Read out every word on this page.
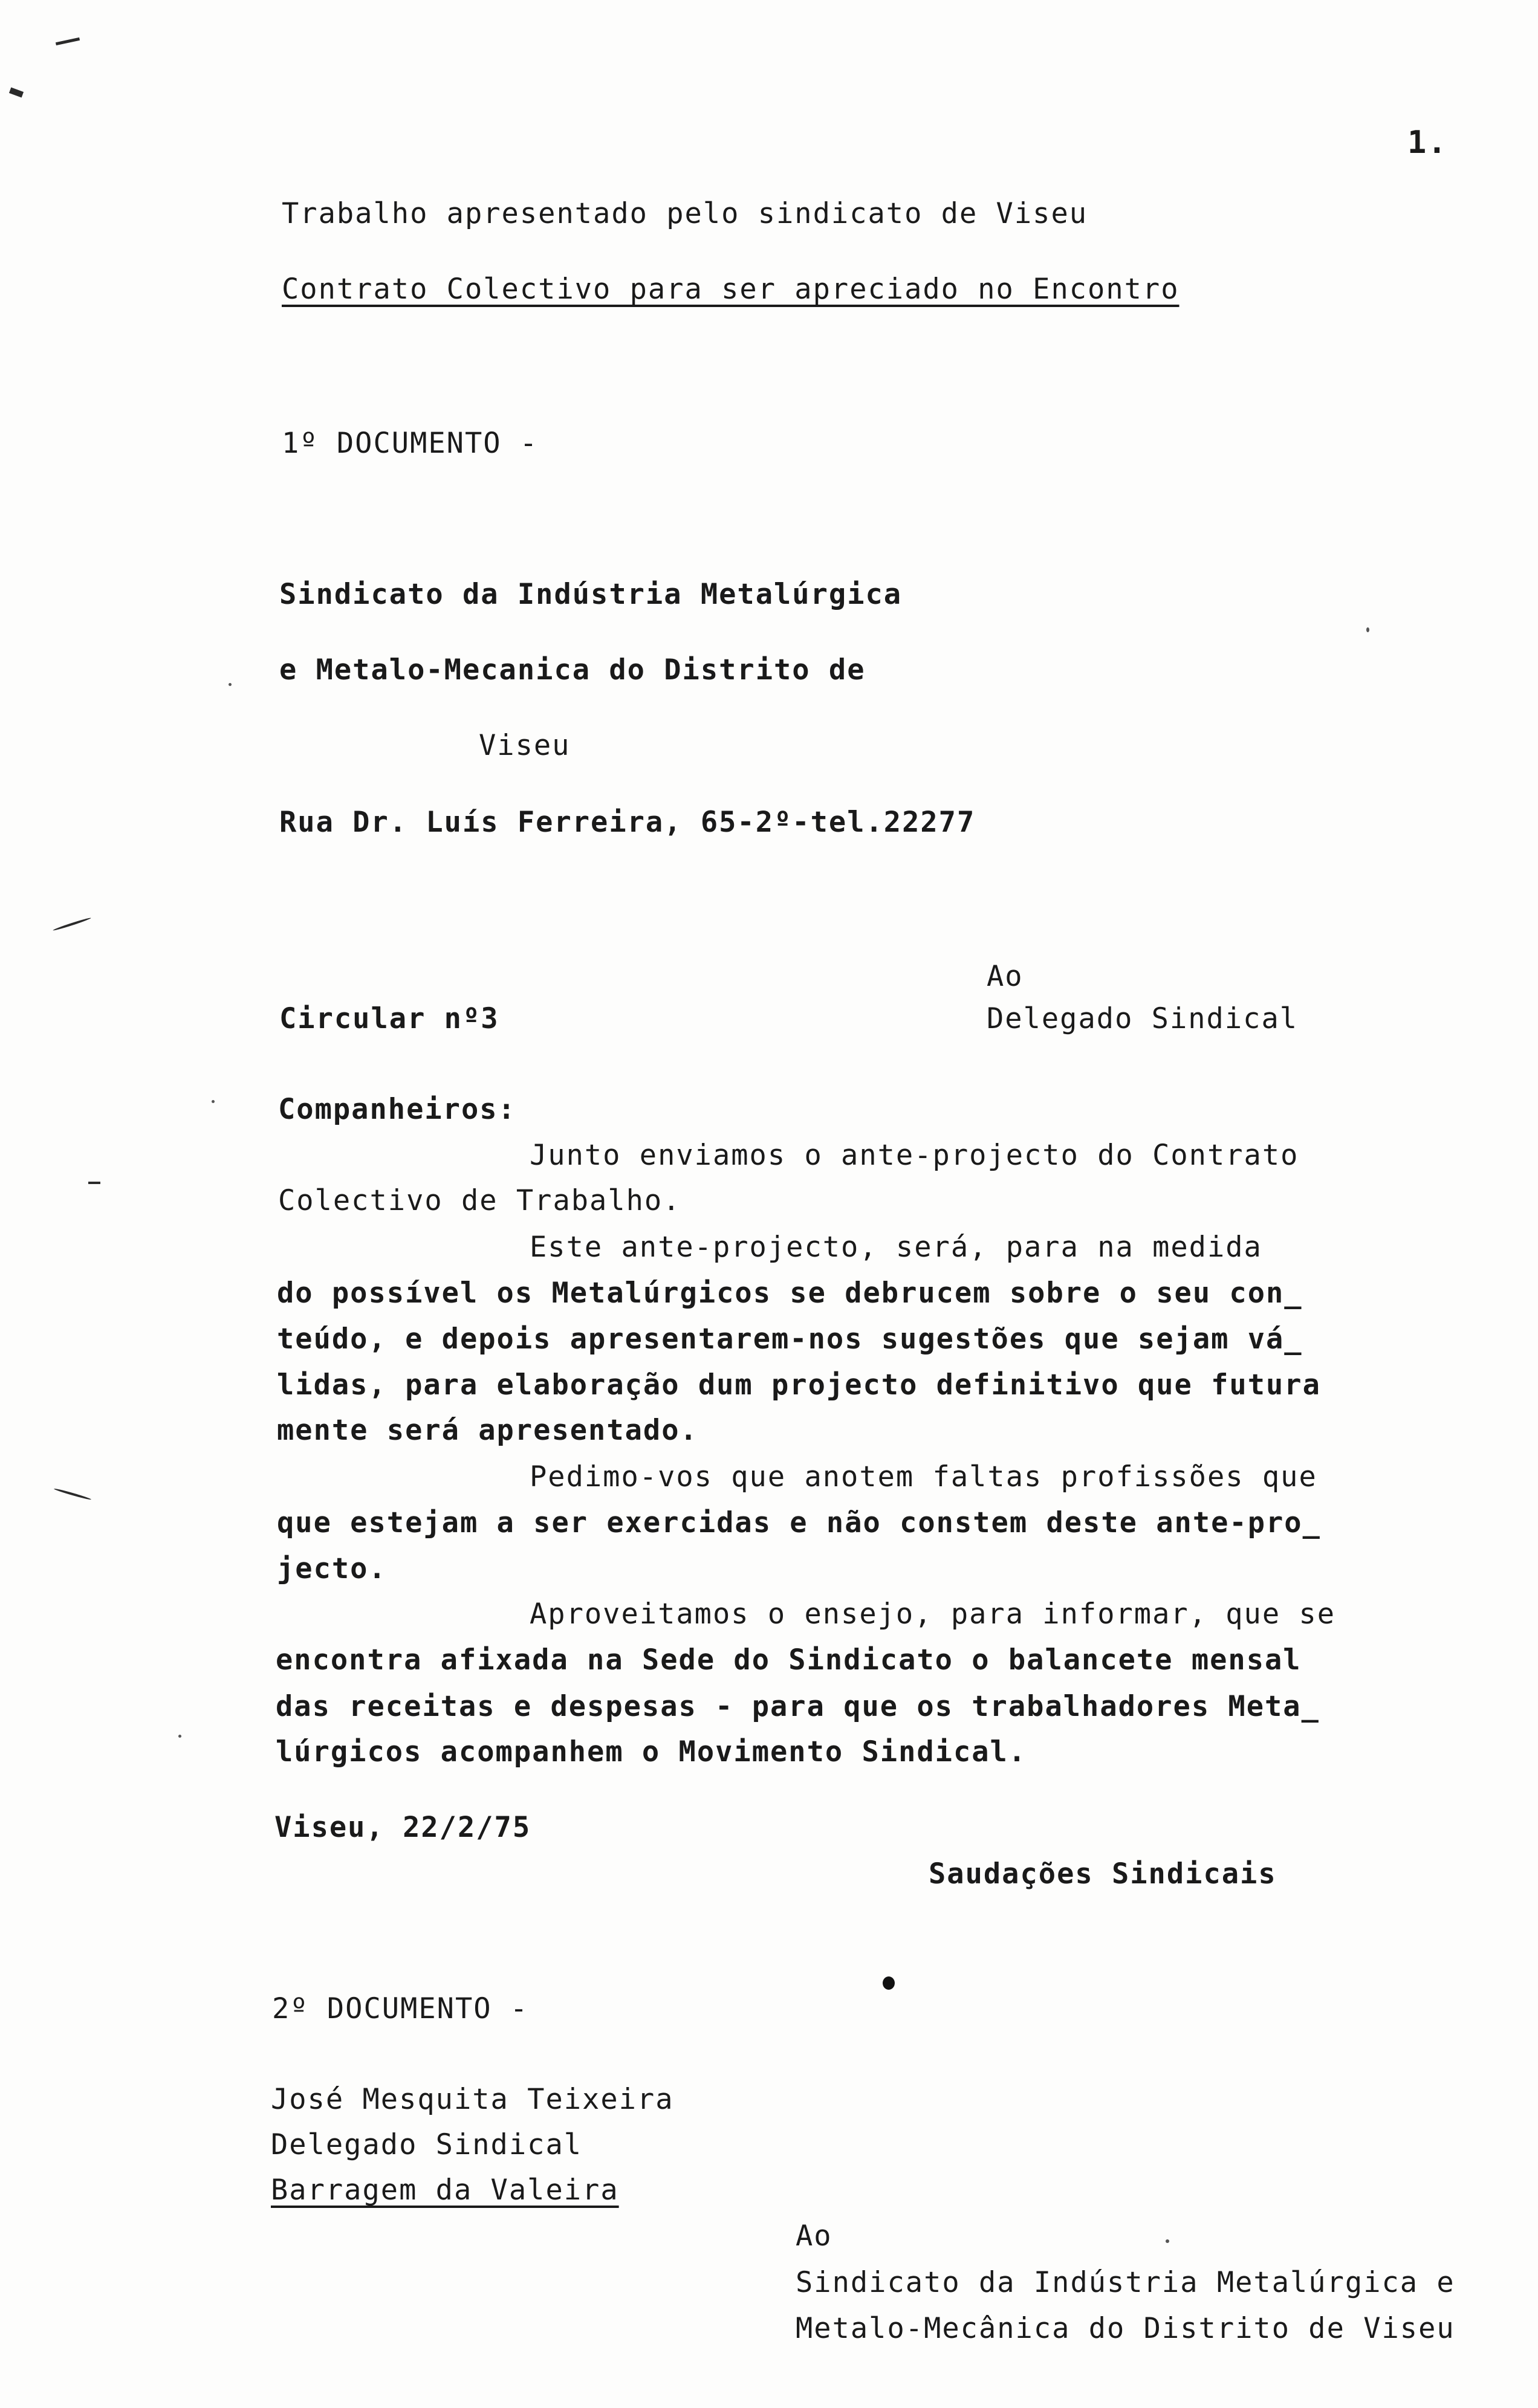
1.
Trabalho apresentado pelo sindicato de Viseu
Contrato Colectivo para ser apreciado no Encontro
1º DOCUMENTO -
Sindicato da Indústria Metalúrgica
e Metalo-Mecanica do Distrito de
Viseu
Rua Dr. Luís Ferreira, 65-2º-tel.22277
Ao
Circular nº3	Delegado Sindical
Companheiros:
Junto enviamos o ante-projecto do Contrato
Colectivo de Trabalho.
Este ante-projecto, será, para na medida
do possível os Metalúrgicos se debrucem sobre o seu con_
teúdo, e depois apresentarem-nos sugestões que sejam vá_
lidas, para elaboração dum projecto definitivo que futura
mente será apresentado.
Pedimo-vos que anotem faltas profissões que
que estejam a ser exercidas e não constem deste ante-pro_
jecto.
Aproveitamos o ensejo, para informar, que se
encontra afixada na Sede do Sindicato o balancete mensal
das receitas e despesas - para que os trabalhadores Meta_
lúrgicos acompanhem o Movimento Sindical.
Viseu, 22/2/75
Saudações Sindicais
2º DOCUMENTO -
José Mesquita Teixeira
Delegado Sindical
Barragem da Valeira
Ao
Sindicato da Indústria Metalúrgica e
Metalo-Mecânica do Distrito de Viseu
